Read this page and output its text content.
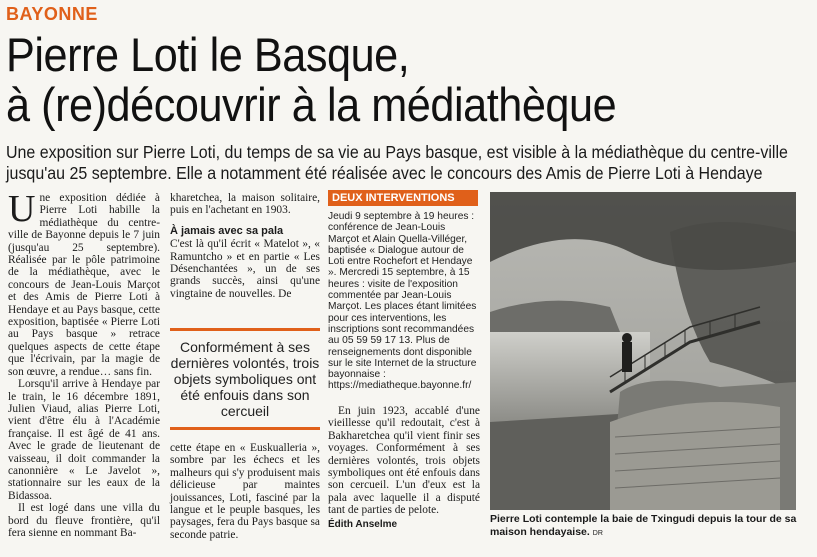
BAYONNE
Pierre Loti le Basque,
à (re)découvrir à la médiathèque
Une exposition sur Pierre Loti, du temps de sa vie au Pays basque, est visible à la médiathèque du centre-ville
jusqu'au 25 septembre. Elle a notamment été réalisée avec le concours des Amis de Pierre Loti à Hendaye
U ne exposition dédiée à Pierre Loti habille la médiathèque du centre-ville de Bayonne depuis le 7 juin (jusqu'au 25 septembre). Réalisée par le pôle patrimoine de la médiathèque, avec le concours de Jean-Louis Marçot et des Amis de Pierre Loti à Hendaye et au Pays basque, cette exposition, baptisée « Pierre Loti au Pays basque » retrace quelques aspects de cette étape que l'écrivain, par la magie de son œuvre, a rendue… sans fin.

Lorsqu'il arrive à Hendaye par le train, le 16 décembre 1891, Julien Viaud, alias Pierre Loti, vient d'être élu à l'Académie française. Il est âgé de 41 ans. Avec le grade de lieutenant de vaisseau, il doit commander la canonnière « Le Javelot », stationnaire sur les eaux de la Bidassoa.

Il est logé dans une villa du bord du fleuve frontière, qu'il fera sienne en nommant Ba-

kharetchea, la maison solitaire, puis en l'achetant en 1903.

À jamais avec sa pala

C'est là qu'il écrit « Matelot », « Ramuntcho » et en partie « Les Désenchantées », un de ses grands succès, ainsi qu'une vingtaine de nouvelles. De

Conformément à ses dernières volontés, trois objets symboliques ont été enfouis dans son cercueil

cette étape en « Euskualleria », sombre par les échecs et les malheurs qui s'y produisent mais délicieuse par maintes jouissances, Loti, fasciné par la langue et le peuple basques, les paysages, fera du Pays basque sa seconde patrie.

DEUX INTERVENTIONS
Jeudi 9 septembre à 19 heures : conférence de Jean-Louis Marçot et Alain Quella-Villéger, baptisée « Dialogue autour de Loti entre Rochefort et Hendaye ». Mercredi 15 septembre, à 15 heures : visite de l'exposition commentée par Jean-Louis Marçot. Les places étant limitées pour ces interventions, les inscriptions sont recommandées au 05 59 59 17 13. Plus de renseignements dont disponible sur le site Internet de la structure bayonnaise : https://mediatheque.bayonne.fr/

En juin 1923, accablé d'une vieillesse qu'il redoutait, c'est à Bakharetchea qu'il vient finir ses voyages. Conformément à ses dernières volontés, trois objets symboliques ont été enfouis dans son cercueil. L'un d'eux est la pala avec laquelle il a disputé tant de parties de pelote.

Édith Anselme	Pierre Loti contemple la baie de Txingudi depuis la tour de sa maison hendayaise. DR
